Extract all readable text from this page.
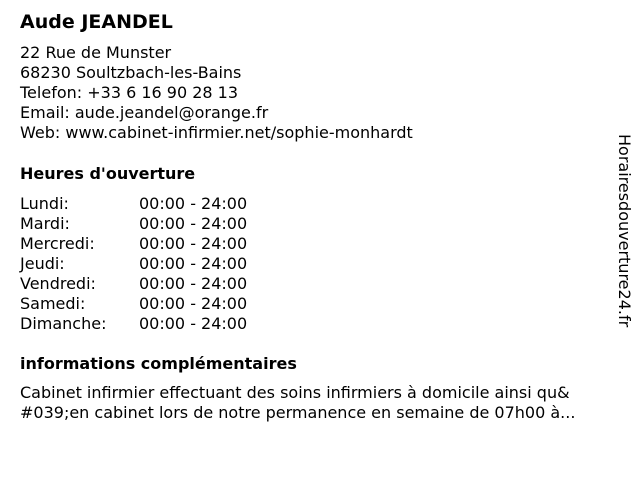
Aude JEANDEL
22 Rue de Munster
68230 Soultzbach-les-Bains
Telefon: +33 6 16 90 28 13
Email: aude.jeandel@orange.fr
Web: www.cabinet-infirmier.net/sophie-monhardt
Heures d'ouverture
Lundi:	00:00 - 24:00
Mardi:	00:00 - 24:00
Mercredi:	00:00 - 24:00
Jeudi:	00:00 - 24:00
Vendredi:	00:00 - 24:00
Samedi:	00:00 - 24:00
Dimanche: 00:00 - 24:00
informations complémentaires
Cabinet infirmier effectuant des soins infirmiers à domicile ainsi qu&
#039;en cabinet lors de notre permanence en semaine de 07h00 à...
Horairesdouverture24.fr
